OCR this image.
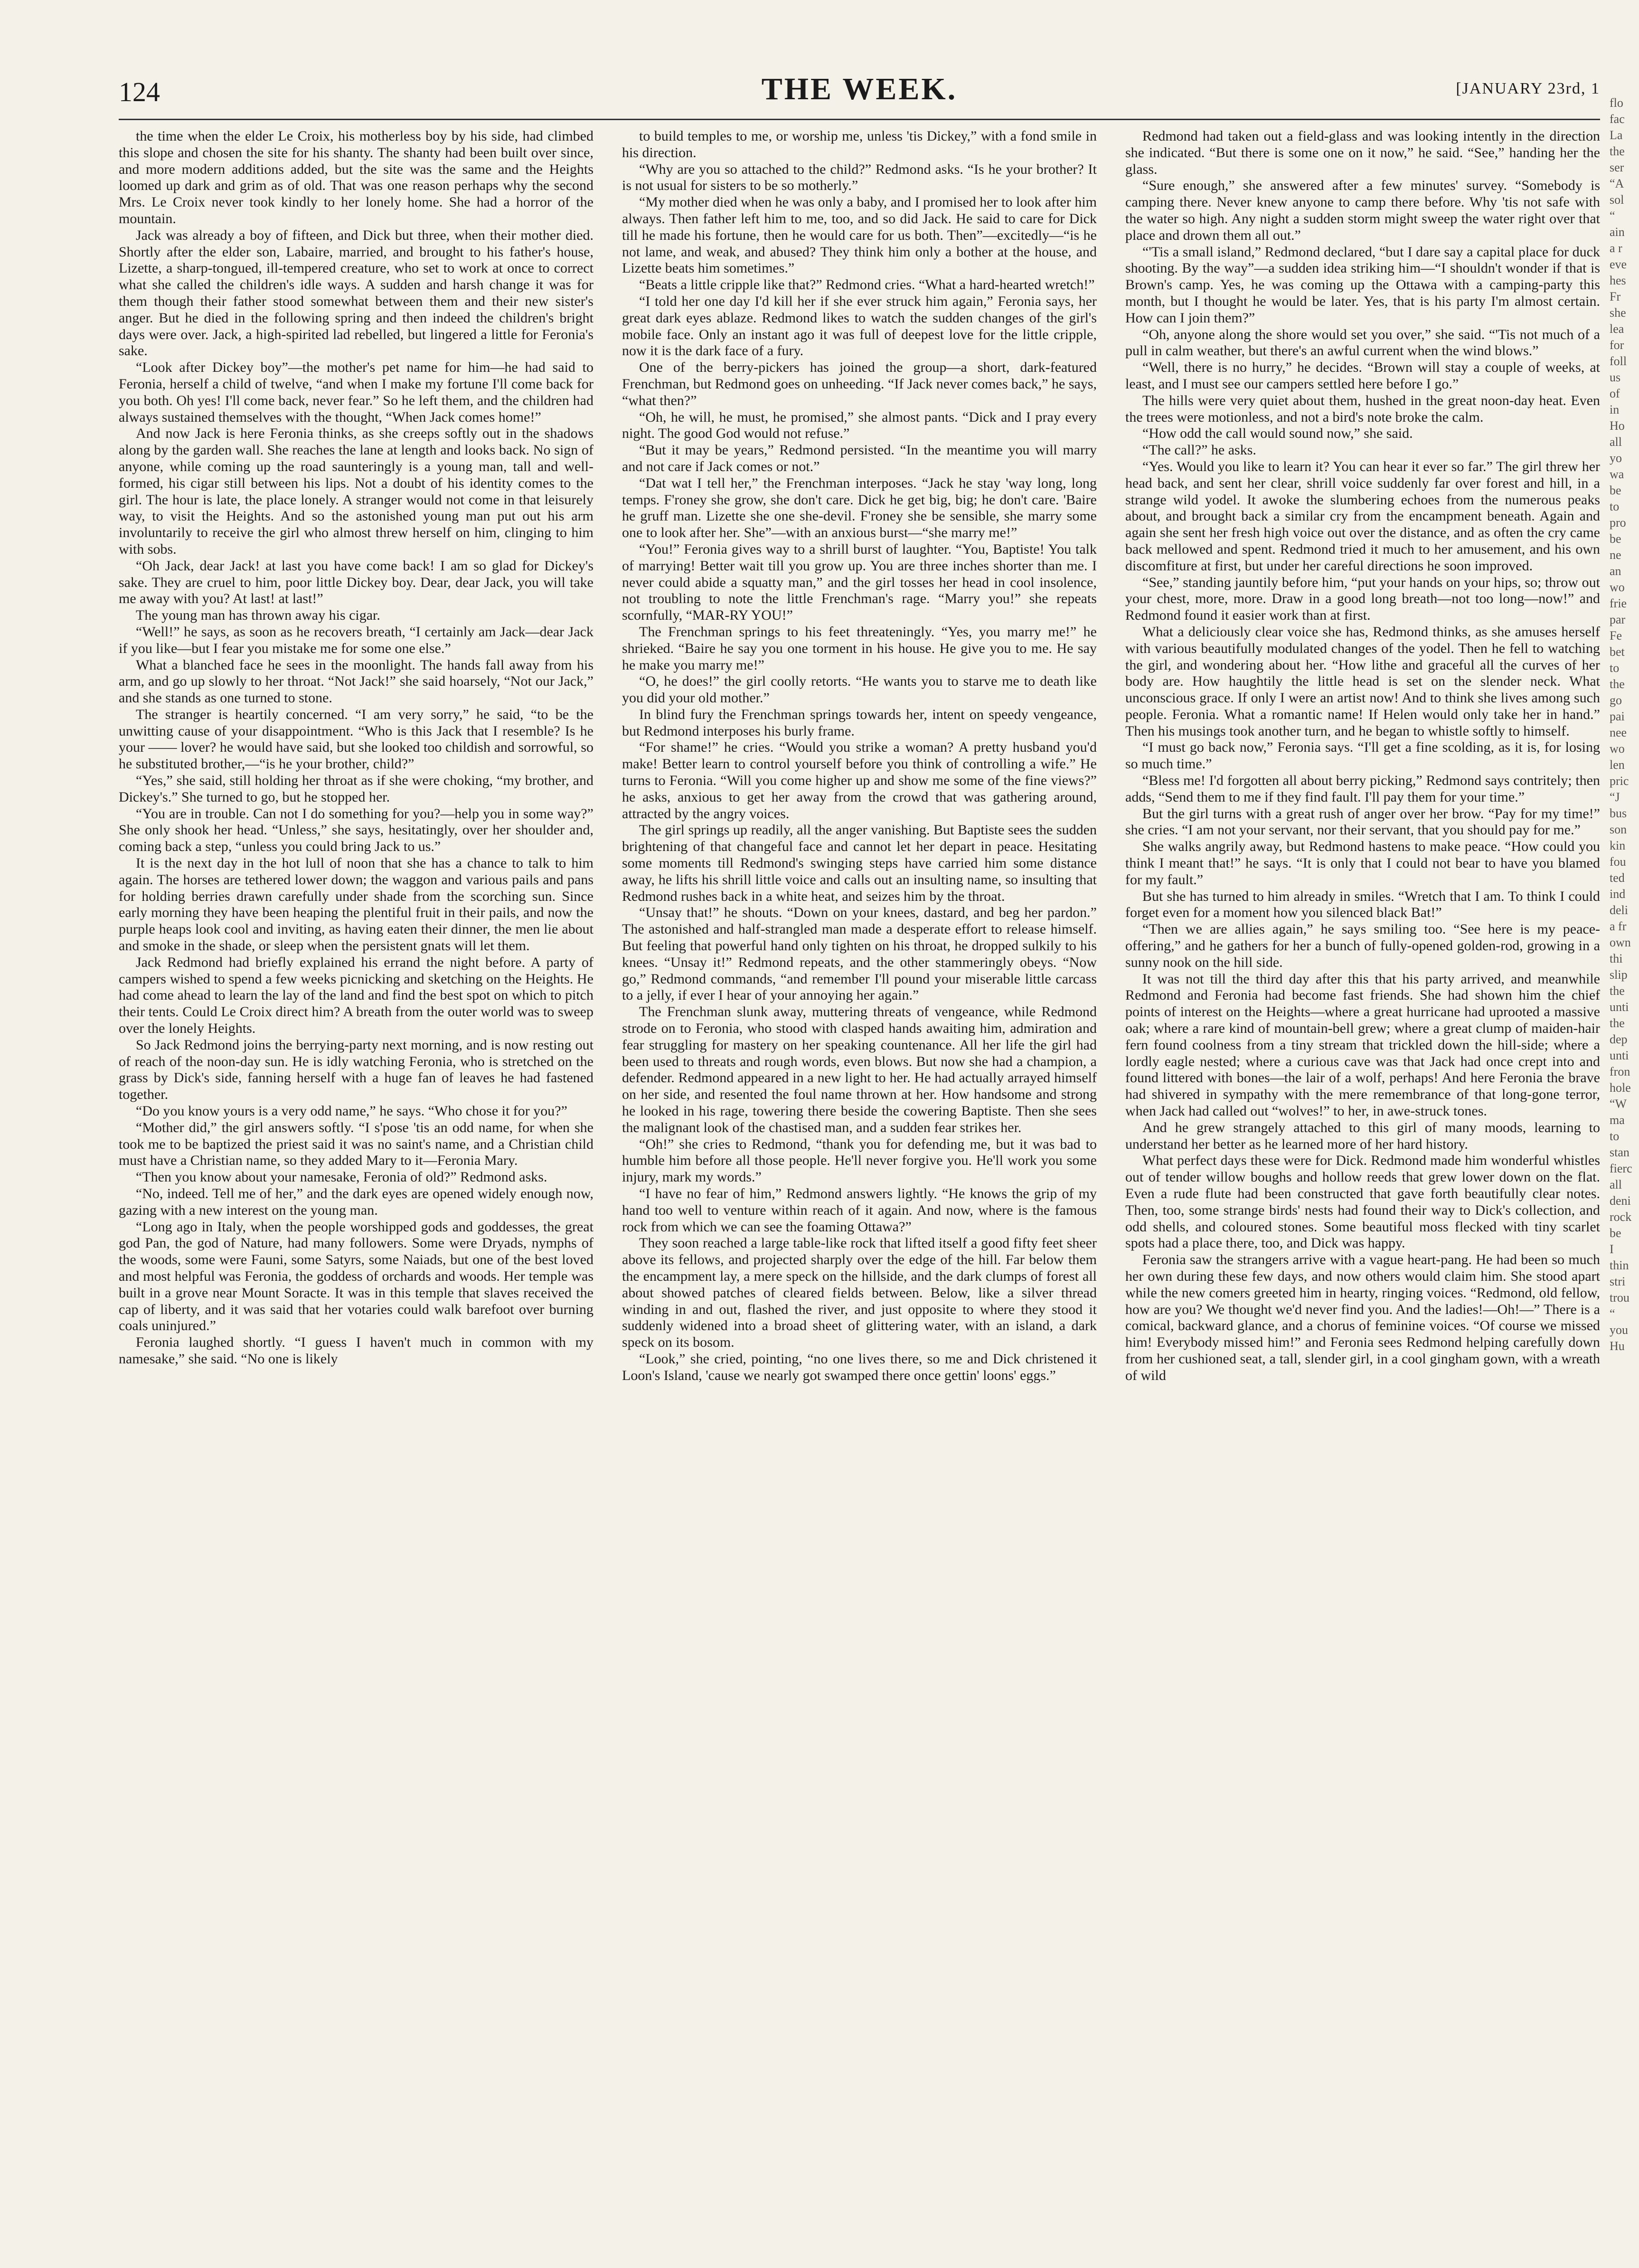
124	THE WEEK.	[JANUARY 23rd, 1

the time when the elder Le Croix, his motherless boy by his side, had climbed this slope and chosen the site for his shanty. The shanty had been built over since, and more modern additions added, but the site was the same and the Heights loomed up dark and grim as of old. That was one reason perhaps why the second Mrs. Le Croix never took kindly to her lonely home. She had a horror of the mountain.

Jack was already a boy of fifteen, and Dick but three, when their mother died. Shortly after the elder son, Labaire, married, and brought to his father's house, Lizette, a sharp-tongued, ill-tempered creature, who set to work at once to correct what she called the children's idle ways. A sudden and harsh change it was for them though their father stood somewhat between them and their new sister's anger. But he died in the following spring and then indeed the children's bright days were over. Jack, a high-spirited lad rebelled, but lingered a little for Feronia's sake.

“Look after Dickey boy”—the mother's pet name for him—he had said to Feronia, herself a child of twelve, “and when I make my fortune I'll come back for you both. Oh yes! I'll come back, never fear.” So he left them, and the children had always sustained themselves with the thought, “When Jack comes home!”

And now Jack is here Feronia thinks, as she creeps softly out in the shadows along by the garden wall. She reaches the lane at length and looks back. No sign of anyone, while coming up the road saunteringly is a young man, tall and well-formed, his cigar still between his lips. Not a doubt of his identity comes to the girl. The hour is late, the place lonely. A stranger would not come in that leisurely way, to visit the Heights. And so the astonished young man put out his arm involuntarily to receive the girl who almost threw herself on him, clinging to him with sobs.

“Oh Jack, dear Jack! at last you have come back! I am so glad for Dickey's sake. They are cruel to him, poor little Dickey boy. Dear, dear Jack, you will take me away with you? At last! at last!”

The young man has thrown away his cigar.

“Well!” he says, as soon as he recovers breath, “I certainly am Jack—dear Jack if you like—but I fear you mistake me for some one else.”

What a blanched face he sees in the moonlight. The hands fall away from his arm, and go up slowly to her throat. “Not Jack!” she said hoarsely, “Not our Jack,” and she stands as one turned to stone.

The stranger is heartily concerned. “I am very sorry,” he said, “to be the unwitting cause of your disappointment. “Who is this Jack that I resemble? Is he your —— lover? he would have said, but she looked too childish and sorrowful, so he substituted brother,—“is he your brother, child?”

“Yes,” she said, still holding her throat as if she were choking, “my brother, and Dickey's.” She turned to go, but he stopped her.

“You are in trouble. Can not I do something for you?—help you in some way?” She only shook her head. “Unless,” she says, hesitatingly, over her shoulder and, coming back a step, “unless you could bring Jack to us.”

It is the next day in the hot lull of noon that she has a chance to talk to him again. The horses are tethered lower down; the waggon and various pails and pans for holding berries drawn carefully under shade from the scorching sun. Since early morning they have been heaping the plentiful fruit in their pails, and now the purple heaps look cool and inviting, as having eaten their dinner, the men lie about and smoke in the shade, or sleep when the persistent gnats will let them.

Jack Redmond had briefly explained his errand the night before. A party of campers wished to spend a few weeks picnicking and sketching on the Heights. He had come ahead to learn the lay of the land and find the best spot on which to pitch their tents. Could Le Croix direct him? A breath from the outer world was to sweep over the lonely Heights.

So Jack Redmond joins the berrying-party next morning, and is now resting out of reach of the noon-day sun. He is idly watching Feronia, who is stretched on the grass by Dick's side, fanning herself with a huge fan of leaves he had fastened together.

“Do you know yours is a very odd name,” he says. “Who chose it for you?”

“Mother did,” the girl answers softly. “I s'pose 'tis an odd name, for when she took me to be baptized the priest said it was no saint's name, and a Christian child must have a Christian name, so they added Mary to it—Feronia Mary.

“Then you know about your namesake, Feronia of old?” Redmond asks.

“No, indeed. Tell me of her,” and the dark eyes are opened widely enough now, gazing with a new interest on the young man.

“Long ago in Italy, when the people worshipped gods and goddesses, the great god Pan, the god of Nature, had many followers. Some were Dryads, nymphs of the woods, some were Fauni, some Satyrs, some Naiads, but one of the best loved and most helpful was Feronia, the goddess of orchards and woods. Her temple was built in a grove near Mount Soracte. It was in this temple that slaves received the cap of liberty, and it was said that her votaries could walk barefoot over burning coals uninjured.”

Feronia laughed shortly. “I guess I haven't much in common with my namesake,” she said. “No one is likely

to build temples to me, or worship me, unless 'tis Dickey,” with a fond smile in his direction.

“Why are you so attached to the child?” Redmond asks. “Is he your brother? It is not usual for sisters to be so motherly.”

“My mother died when he was only a baby, and I promised her to look after him always. Then father left him to me, too, and so did Jack. He said to care for Dick till he made his fortune, then he would care for us both. Then”—excitedly—“is he not lame, and weak, and abused? They think him only a bother at the house, and Lizette beats him sometimes.”

“Beats a little cripple like that?” Redmond cries. “What a hard-hearted wretch!”

“I told her one day I'd kill her if she ever struck him again,” Feronia says, her great dark eyes ablaze. Redmond likes to watch the sudden changes of the girl's mobile face. Only an instant ago it was full of deepest love for the little cripple, now it is the dark face of a fury.

One of the berry-pickers has joined the group—a short, dark-featured Frenchman, but Redmond goes on unheeding. “If Jack never comes back,” he says, “what then?”

“Oh, he will, he must, he promised,” she almost pants. “Dick and I pray every night. The good God would not refuse.”

“But it may be years,” Redmond persisted. “In the meantime you will marry and not care if Jack comes or not.”

“Dat wat I tell her,” the Frenchman interposes. “Jack he stay 'way long, long temps. F'roney she grow, she don't care. Dick he get big, big; he don't care. 'Baire he gruff man. Lizette she one she-devil. F'roney she be sensible, she marry some one to look after her. She”—with an anxious burst—“she marry me!”

“You!” Feronia gives way to a shrill burst of laughter. “You, Baptiste! You talk of marrying! Better wait till you grow up. You are three inches shorter than me. I never could abide a squatty man,” and the girl tosses her head in cool insolence, not troubling to note the little Frenchman's rage. “Marry you!” she repeats scornfully, “MAR-RY YOU!”

The Frenchman springs to his feet threateningly. “Yes, you marry me!” he shrieked. “Baire he say you one torment in his house. He give you to me. He say he make you marry me!”

“O, he does!” the girl coolly retorts. “He wants you to starve me to death like you did your old mother.”

In blind fury the Frenchman springs towards her, intent on speedy vengeance, but Redmond interposes his burly frame.

“For shame!” he cries. “Would you strike a woman? A pretty husband you'd make! Better learn to control yourself before you think of controlling a wife.” He turns to Feronia. “Will you come higher up and show me some of the fine views?” he asks, anxious to get her away from the crowd that was gathering around, attracted by the angry voices.

The girl springs up readily, all the anger vanishing. But Baptiste sees the sudden brightening of that changeful face and cannot let her depart in peace. Hesitating some moments till Redmond's swinging steps have carried him some distance away, he lifts his shrill little voice and calls out an insulting name, so insulting that Redmond rushes back in a white heat, and seizes him by the throat.

“Unsay that!” he shouts. “Down on your knees, dastard, and beg her pardon.” The astonished and half-strangled man made a desperate effort to release himself. But feeling that powerful hand only tighten on his throat, he dropped sulkily to his knees. “Unsay it!” Redmond repeats, and the other stammeringly obeys. “Now go,” Redmond commands, “and remember I'll pound your miserable little carcass to a jelly, if ever I hear of your annoying her again.”

The Frenchman slunk away, muttering threats of vengeance, while Redmond strode on to Feronia, who stood with clasped hands awaiting him, admiration and fear struggling for mastery on her speaking countenance. All her life the girl had been used to threats and rough words, even blows. But now she had a champion, a defender. Redmond appeared in a new light to her. He had actually arrayed himself on her side, and resented the foul name thrown at her. How handsome and strong he looked in his rage, towering there beside the cowering Baptiste. Then she sees the malignant look of the chastised man, and a sudden fear strikes her.

“Oh!” she cries to Redmond, “thank you for defending me, but it was bad to humble him before all those people. He'll never forgive you. He'll work you some injury, mark my words.”

“I have no fear of him,” Redmond answers lightly. “He knows the grip of my hand too well to venture within reach of it again. And now, where is the famous rock from which we can see the foaming Ottawa?”

They soon reached a large table-like rock that lifted itself a good fifty feet sheer above its fellows, and projected sharply over the edge of the hill. Far below them the encampment lay, a mere speck on the hillside, and the dark clumps of forest all about showed patches of cleared fields between. Below, like a silver thread winding in and out, flashed the river, and just opposite to where they stood it suddenly widened into a broad sheet of glittering water, with an island, a dark speck on its bosom.

“Look,” she cried, pointing, “no one lives there, so me and Dick christened it Loon's Island, 'cause we nearly got swamped there once gettin' loons' eggs.”

Redmond had taken out a field-glass and was looking intently in the direction she indicated. “But there is some one on it now,” he said. “See,” handing her the glass.

“Sure enough,” she answered after a few minutes' survey. “Somebody is camping there. Never knew anyone to camp there before. Why 'tis not safe with the water so high. Any night a sudden storm might sweep the water right over that place and drown them all out.”

“'Tis a small island,” Redmond declared, “but I dare say a capital place for duck shooting. By the way”—a sudden idea striking him—“I shouldn't wonder if that is Brown's camp. Yes, he was coming up the Ottawa with a camping-party this month, but I thought he would be later. Yes, that is his party I'm almost certain. How can I join them?”

“Oh, anyone along the shore would set you over,” she said. “'Tis not much of a pull in calm weather, but there's an awful current when the wind blows.”

“Well, there is no hurry,” he decides. “Brown will stay a couple of weeks, at least, and I must see our campers settled here before I go.”

The hills were very quiet about them, hushed in the great noon-day heat. Even the trees were motionless, and not a bird's note broke the calm.

“How odd the call would sound now,” she said.

“The call?” he asks.

“Yes. Would you like to learn it? You can hear it ever so far.” The girl threw her head back, and sent her clear, shrill voice suddenly far over forest and hill, in a strange wild yodel. It awoke the slumbering echoes from the numerous peaks about, and brought back a similar cry from the encampment beneath. Again and again she sent her fresh high voice out over the distance, and as often the cry came back mellowed and spent. Redmond tried it much to her amusement, and his own discomfiture at first, but under her careful directions he soon improved.

“See,” standing jauntily before him, “put your hands on your hips, so; throw out your chest, more, more. Draw in a good long breath—not too long—now!” and Redmond found it easier work than at first.

What a deliciously clear voice she has, Redmond thinks, as she amuses herself with various beautifully modulated changes of the yodel. Then he fell to watching the girl, and wondering about her. “How lithe and graceful all the curves of her body are. How haughtily the little head is set on the slender neck. What unconscious grace. If only I were an artist now! And to think she lives among such people. Feronia. What a romantic name! If Helen would only take her in hand.” Then his musings took another turn, and he began to whistle softly to himself.

“I must go back now,” Feronia says. “I'll get a fine scolding, as it is, for losing so much time.”

“Bless me! I'd forgotten all about berry picking,” Redmond says contritely; then adds, “Send them to me if they find fault. I'll pay them for your time.”

But the girl turns with a great rush of anger over her brow. “Pay for my time!” she cries. “I am not your servant, nor their servant, that you should pay for me.”

She walks angrily away, but Redmond hastens to make peace. “How could you think I meant that!” he says. “It is only that I could not bear to have you blamed for my fault.”

But she has turned to him already in smiles. “Wretch that I am. To think I could forget even for a moment how you silenced black Bat!”

“Then we are allies again,” he says smiling too. “See here is my peace-offering,” and he gathers for her a bunch of fully-opened golden-rod, growing in a sunny nook on the hill side.

It was not till the third day after this that his party arrived, and meanwhile Redmond and Feronia had become fast friends. She had shown him the chief points of interest on the Heights—where a great hurricane had uprooted a massive oak; where a rare kind of mountain-bell grew; where a great clump of maiden-hair fern found coolness from a tiny stream that trickled down the hill-side; where a lordly eagle nested; where a curious cave was that Jack had once crept into and found littered with bones—the lair of a wolf, perhaps! And here Feronia the brave had shivered in sympathy with the mere remembrance of that long-gone terror, when Jack had called out “wolves!” to her, in awe-struck tones.

And he grew strangely attached to this girl of many moods, learning to understand her better as he learned more of her hard history.

What perfect days these were for Dick. Redmond made him wonderful whistles out of tender willow boughs and hollow reeds that grew lower down on the flat. Even a rude flute had been constructed that gave forth beautifully clear notes. Then, too, some strange birds' nests had found their way to Dick's collection, and odd shells, and coloured stones. Some beautiful moss flecked with tiny scarlet spots had a place there, too, and Dick was happy.

Feronia saw the strangers arrive with a vague heart-pang. He had been so much her own during these few days, and now others would claim him. She stood apart while the new comers greeted him in hearty, ringing voices. “Redmond, old fellow, how are you? We thought we'd never find you. And the ladies!—Oh!—” There is a comical, backward glance, and a chorus of feminine voices. “Of course we missed him! Everybody missed him!” and Feronia sees Redmond helping carefully down from her cushioned seat, a tall, slender girl, in a cool gingham gown, with a wreath of wild

flo
fac
La
the
ser
“A
sol
“
ain
a r
eve
hes
Fr
she
lea
for
foll
us
of
in
Ho
all
yo
wa
be
to
pro
be
ne
an
wo
frie
par
Fe
bet
to
the
go
pai
nee
wo
len
pric
“J
bus
son
kin
fou
ted
ind
deli
a fr
own
thi
slip
the
unti
the
dep
unti
fron
hole
“W
ma
to
stan
fierc
all
deni
rock
be
I
thin
stri
trou
“
you
Hu
